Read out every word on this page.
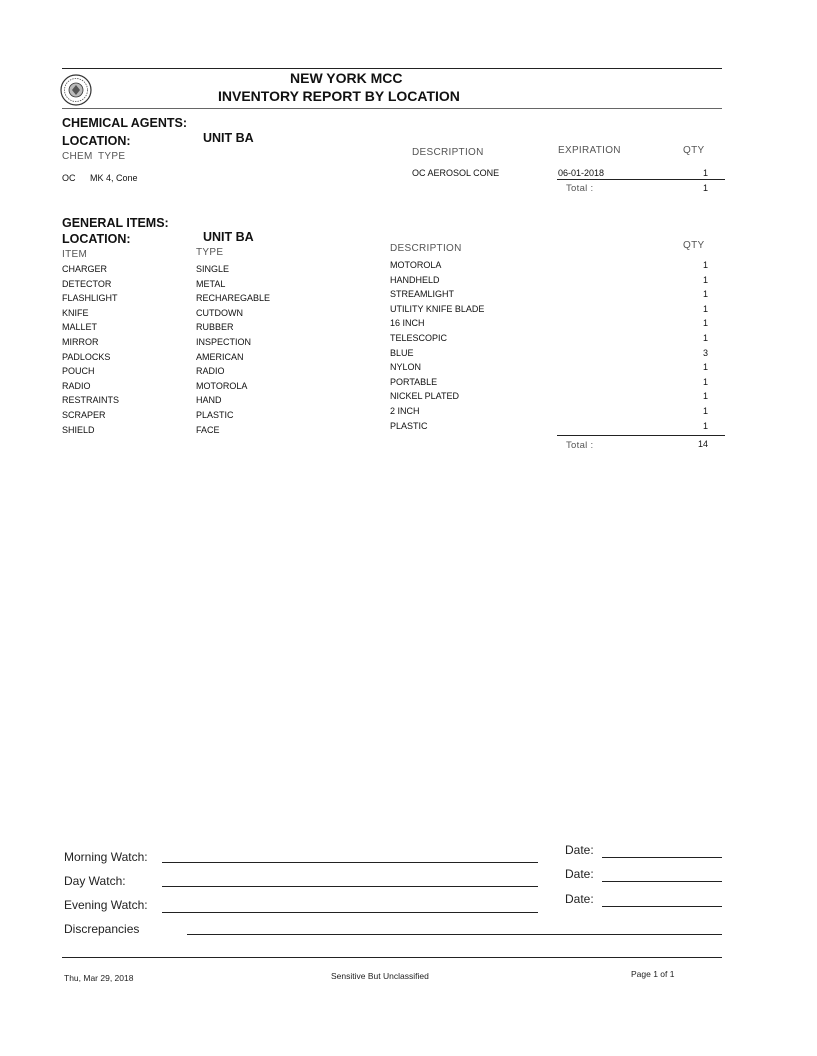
NEW YORK MCC
INVENTORY REPORT BY LOCATION
CHEMICAL AGENTS:
LOCATION:	UNIT BA
CHEM TYPE	DESCRIPTION	EXPIRATION	QTY
OC MK 4, Cone	OC AEROSOL CONE	06-01-2018	1
Total :	1
GENERAL ITEMS:
LOCATION:	UNIT BA
ITEM	TYPE	DESCRIPTION	QTY
CHARGER	SINGLE	MOTOROLA	1
DETECTOR	METAL	HANDHELD	1
FLASHLIGHT	RECHAREGABLE	STREAMLIGHT	1
KNIFE	CUTDOWN	UTILITY KNIFE BLADE	1
MALLET	RUBBER	16 INCH	1
MIRROR	INSPECTION	TELESCOPIC	1
PADLOCKS	AMERICAN	BLUE	3
POUCH	RADIO	NYLON	1
RADIO	MOTOROLA	PORTABLE	1
RESTRAINTS	HAND	NICKEL PLATED	1
SCRAPER	PLASTIC	2 INCH	1
SHIELD	FACE	PLASTIC	1
Total :	14
Morning Watch:	Date:
Day Watch:	Date:
Evening Watch:	Date:
Discrepancies
Thu, Mar 29, 2018	Sensitive But Unclassified	Page 1 of 1
